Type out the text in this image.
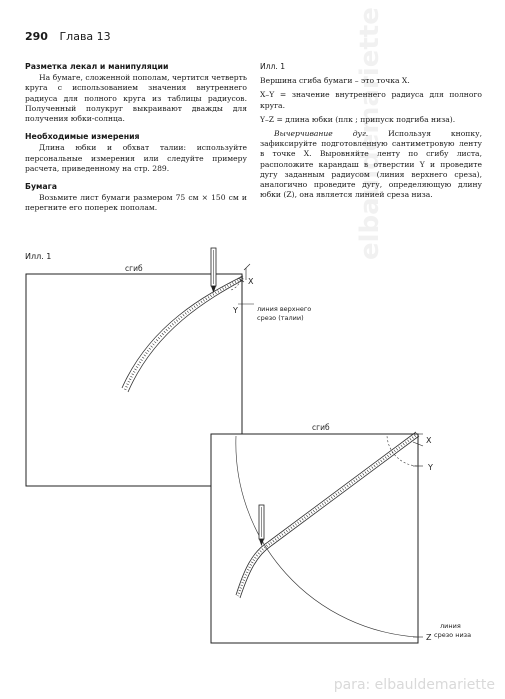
elbauldemariette
290 Глава 13
Разметка лекал и манипуляции

На бумаге, сложенной пополам, чертится четверть круга с использованием значения внутреннего радиуса для полного круга из таблицы радиусов. Полученный полукруг выкраивают дважды для получения юбки-солнца.

Необходимые измерения

Длина юбки и обхват талии: используйте персональные измерения или следуйте примеру расчета, приведенному на стр. 289.

Бумага

Возьмите лист бумаги размером 75 см × 150 см и перегните его поперек пополам.

Илл. 1

Вершина сгиба бумаги – это точка X.

X–Y = значение внутреннего радиуса для полного круга.

Y–Z = длина юбки (плк ; припуск подгиба низа).

Вычерчивание дуг. Используя кнопку, зафиксируйте подготовленную сантиметровую ленту в точке X. Выровняйте ленту по сгибу листа, расположите карандаш в отверстии Y и проведите дугу заданным радиусом (линия верхнего среза), аналогично проведите дугу, определяющую длину юбки (Z), она является линией среза низа.

Илл. 1
сгиб
X
Y	линия верхнего
срезо (талии)
сгиб
X
Y
Z
линия
срезо низа
para: elbauldemariette
